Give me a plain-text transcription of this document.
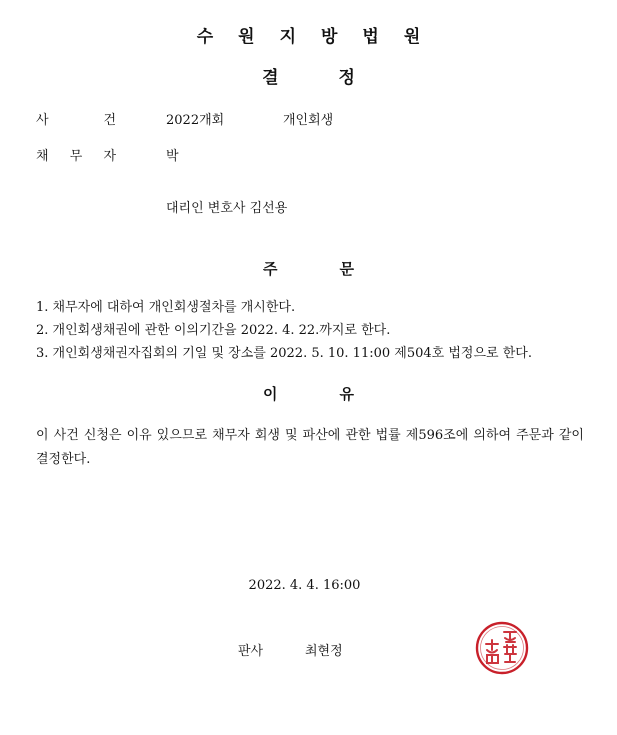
수원지방법원
결	정
사	건	2022개회	개인회생
채 무 자	박
대리인 변호사 김선용
주	문
1. 채무자에 대하여 개인회생절차를 개시한다.
2. 개인회생채권에 관한 이의기간을 2022. 4. 22.까지로 한다.
3. 개인회생채권자집회의 기일 및 장소를 2022. 5. 10. 11:00 제504호 법정으로 한다.
이	유
이 사건 신청은 이유 있으므로 채무자 회생 및 파산에 관한 법률 제596조에 의하여 주문과 같이 결정한다.
2022. 4. 4. 16:00
판사	최현정
